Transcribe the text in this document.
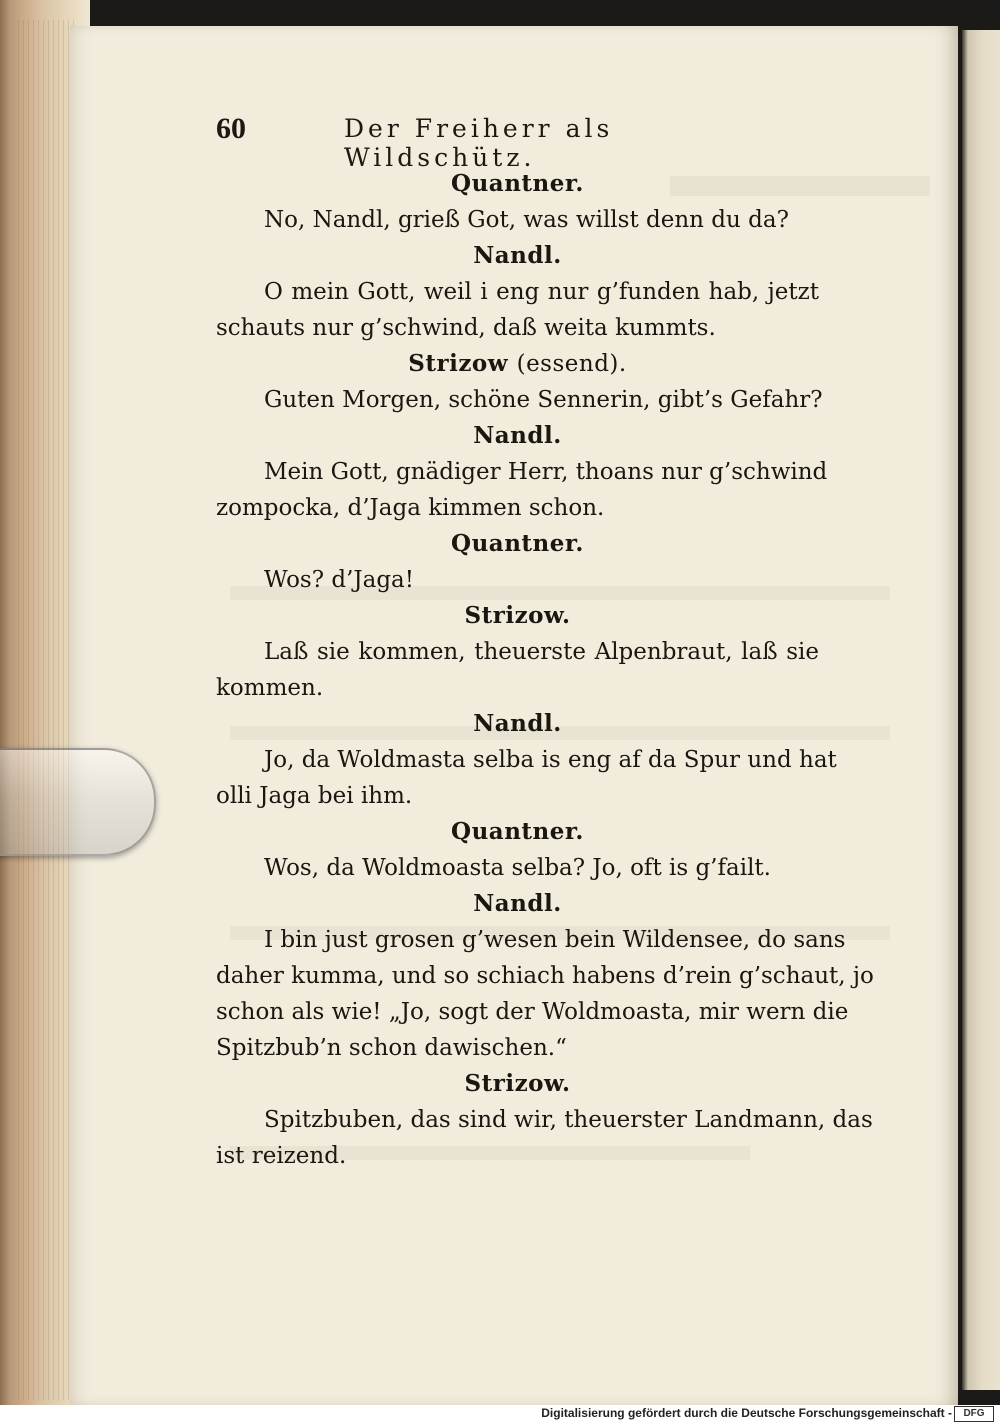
60	Der Freiherr als Wildschütz.
Quantner.
No, Nandl, grieß Got, was willst denn du da?
Nandl.
O mein Gott, weil i eng nur g’funden hab, jetzt
schauts nur g’schwind, daß weita kummts.
Strizow (essend).
Guten Morgen, schöne Sennerin, gibt’s Gefahr?
Nandl.
Mein Gott, gnädiger Herr, thoans nur g’schwind
zompocka, d’Jaga kimmen schon.
Quantner.
Wos? d’Jaga!
Strizow.
Laß sie kommen, theuerste Alpenbraut, laß sie
kommen.
Nandl.
Jo, da Woldmasta selba is eng af da Spur und hat
olli Jaga bei ihm.
Quantner.
Wos, da Woldmoasta selba? Jo, oft is g’failt.
Nandl.
I bin just grosen g’wesen bein Wildensee, do sans
daher kumma, und so schiach habens d’rein g’schaut, jo
schon als wie! „Jo, sogt der Woldmoasta, mir wern die
Spitzbub’n schon dawischen.“
Strizow.
Spitzbuben, das sind wir, theuerster Landmann, das
ist reizend.
Digitalisierung gefördert durch die Deutsche Forschungsgemeinschaft -	DFG
